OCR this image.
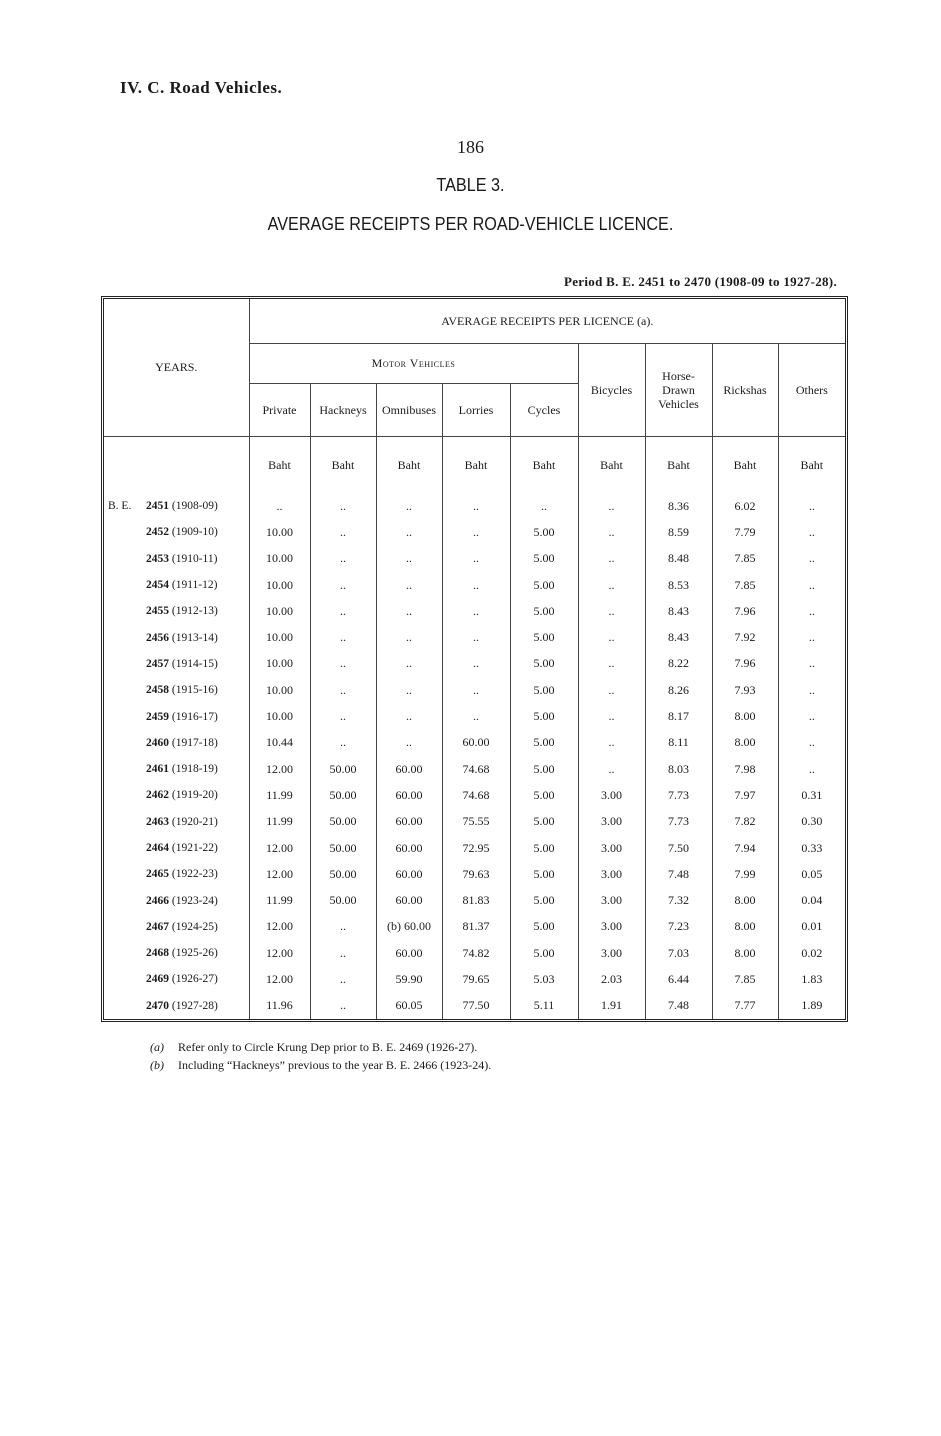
IV. C. Road Vehicles.
186
TABLE 3.
AVERAGE RECEIPTS PER ROAD-VEHICLE LICENCE.
Period B. E. 2451 to 2470 (1908-09 to 1927-28).
YEARS.	AVERAGE RECEIPTS PER LICENCE (a).								
	Motor Vehicles					Bicycles	Horse-Drawn Vehicles	Rickshas	Others
	Private	Hackneys	Omnibuses	Lorries	Cycles				
	Baht	Baht	Baht	Baht	Baht	Baht	Baht	Baht	Baht
B. E. 2451 (1908-09)	..	..	..	..	..	..	8.36	6.02	..
2452 (1909-10)	10.00	..	..	..	5.00	..	8.59	7.79	..
2453 (1910-11)	10.00	..	..	..	5.00	..	8.48	7.85	..
2454 (1911-12)	10.00	..	..	..	5.00	..	8.53	7.85	..
2455 (1912-13)	10.00	..	..	..	5.00	..	8.43	7.96	..
2456 (1913-14)	10.00	..	..	..	5.00	..	8.43	7.92	..
2457 (1914-15)	10.00	..	..	..	5.00	..	8.22	7.96	..
2458 (1915-16)	10.00	..	..	..	5.00	..	8.26	7.93	..
2459 (1916-17)	10.00	..	..	..	5.00	..	8.17	8.00	..
2460 (1917-18)	10.44	..	..	60.00	5.00	..	8.11	8.00	..
2461 (1918-19)	12.00	50.00	60.00	74.68	5.00	..	8.03	7.98	..
2462 (1919-20)	11.99	50.00	60.00	74.68	5.00	3.00	7.73	7.97	0.31
2463 (1920-21)	11.99	50.00	60.00	75.55	5.00	3.00	7.73	7.82	0.30
2464 (1921-22)	12.00	50.00	60.00	72.95	5.00	3.00	7.50	7.94	0.33
2465 (1922-23)	12.00	50.00	60.00	79.63	5.00	3.00	7.48	7.99	0.05
2466 (1923-24)	11.99	50.00	60.00	81.83	5.00	3.00	7.32	8.00	0.04
2467 (1924-25)	12.00	..	(b) 60.00	81.37	5.00	3.00	7.23	8.00	0.01
2468 (1925-26)	12.00	..	60.00	74.82	5.00	3.00	7.03	8.00	0.02
2469 (1926-27)	12.00	..	59.90	79.65	5.03	2.03	6.44	7.85	1.83
2470 (1927-28)	11.96	..	60.05	77.50	5.11	1.91	7.48	7.77	1.89
(a) Refer only to Circle Krung Dep prior to B. E. 2469 (1926-27).
(b) Including “Hackneys” previous to the year B. E. 2466 (1923-24).
